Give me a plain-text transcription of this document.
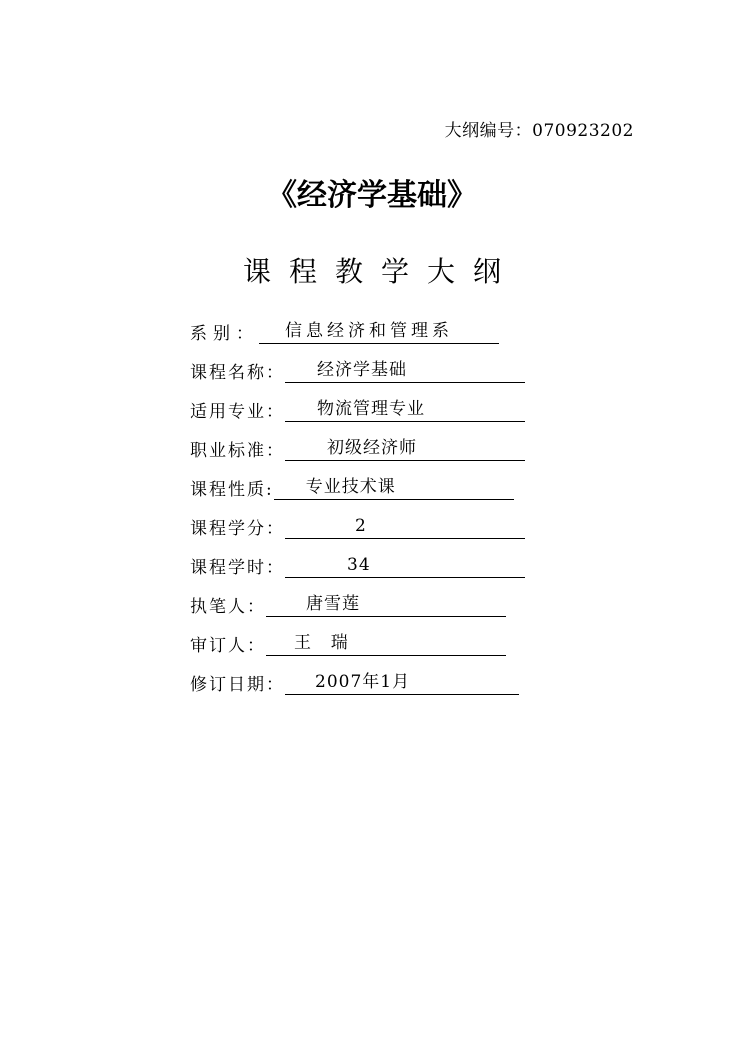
大纲编号：070923202
《经济学基础》
课程教学大纲
系别：	信息经济和管理系
课程名称：	经济学基础
适用专业：	物流管理专业
职业标准：	初级经济师
课程性质:	专业技术课
课程学分：	2
课程学时：	34
执笔人：	唐雪莲
审订人：	王  瑞
修订日期：	2007年1月
